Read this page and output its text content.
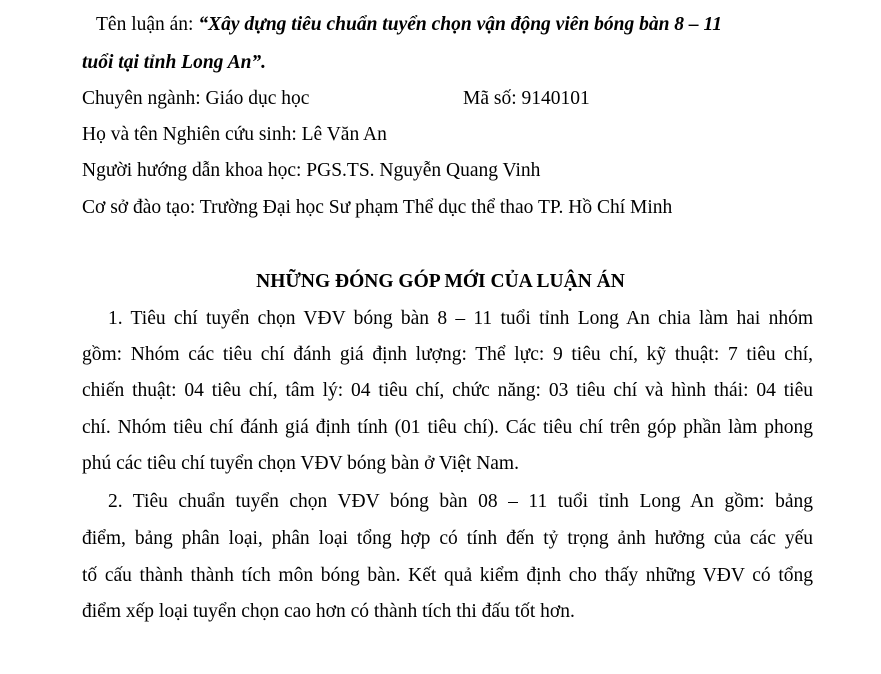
Tên luận án: “Xây dựng tiêu chuẩn tuyển chọn vận động viên bóng bàn 8 – 11
tuổi tại tỉnh Long An”.
Chuyên ngành: Giáo dục học	Mã số: 9140101
Họ và tên Nghiên cứu sinh: Lê Văn An
Người hướng dẫn khoa học: PGS.TS. Nguyễn Quang Vinh
Cơ sở đào tạo: Trường Đại học Sư phạm Thể dục thể thao TP. Hồ Chí Minh
NHỮNG ĐÓNG GÓP MỚI CỦA LUẬN ÁN
1. Tiêu chí tuyển chọn VĐV bóng bàn 8 – 11 tuổi tỉnh Long An chia làm hai nhóm
gồm: Nhóm các tiêu chí đánh giá định lượng: Thể lực: 9 tiêu chí, kỹ thuật: 7 tiêu chí,
chiến thuật: 04 tiêu chí, tâm lý: 04 tiêu chí, chức năng: 03 tiêu chí và hình thái: 04 tiêu
chí. Nhóm tiêu chí đánh giá định tính (01 tiêu chí). Các tiêu chí trên góp phần làm phong
phú các tiêu chí tuyển chọn VĐV bóng bàn ở Việt Nam.
2. Tiêu chuẩn tuyển chọn VĐV bóng bàn 08 – 11 tuổi tỉnh Long An gồm: bảng
điểm, bảng phân loại, phân loại tổng hợp có tính đến tỷ trọng ảnh hưởng của các yếu
tố cấu thành thành tích môn bóng bàn. Kết quả kiểm định cho thấy những VĐV có tổng
điểm xếp loại tuyển chọn cao hơn có thành tích thi đấu tốt hơn.
